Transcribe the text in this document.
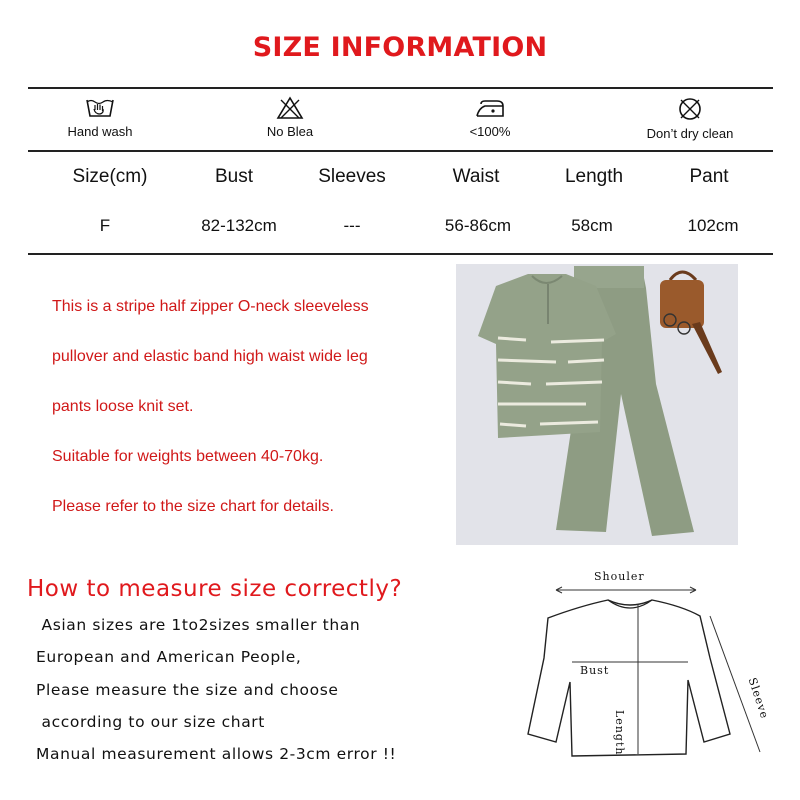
SIZE INFORMATION
Hand wash	No Blea	<100%	Don’t dry clean
Size(cm)	Bust	Sleeves	Waist	Length	Pant
F	82-132cm	---	56-86cm	58cm	102cm
This is a stripe half zipper O-neck sleeveless
pullover and elastic band high waist wide leg
pants loose knit set.
Suitable for weights between 40-70kg.
Please refer to the size chart for details.
How to measure size correctly?
Asian sizes are 1to2sizes smaller than
European and American People,
Please measure the size and choose
according to our size chart
Manual measurement allows 2-3cm error !!
Shouler
Bust
Length
Sleeve
